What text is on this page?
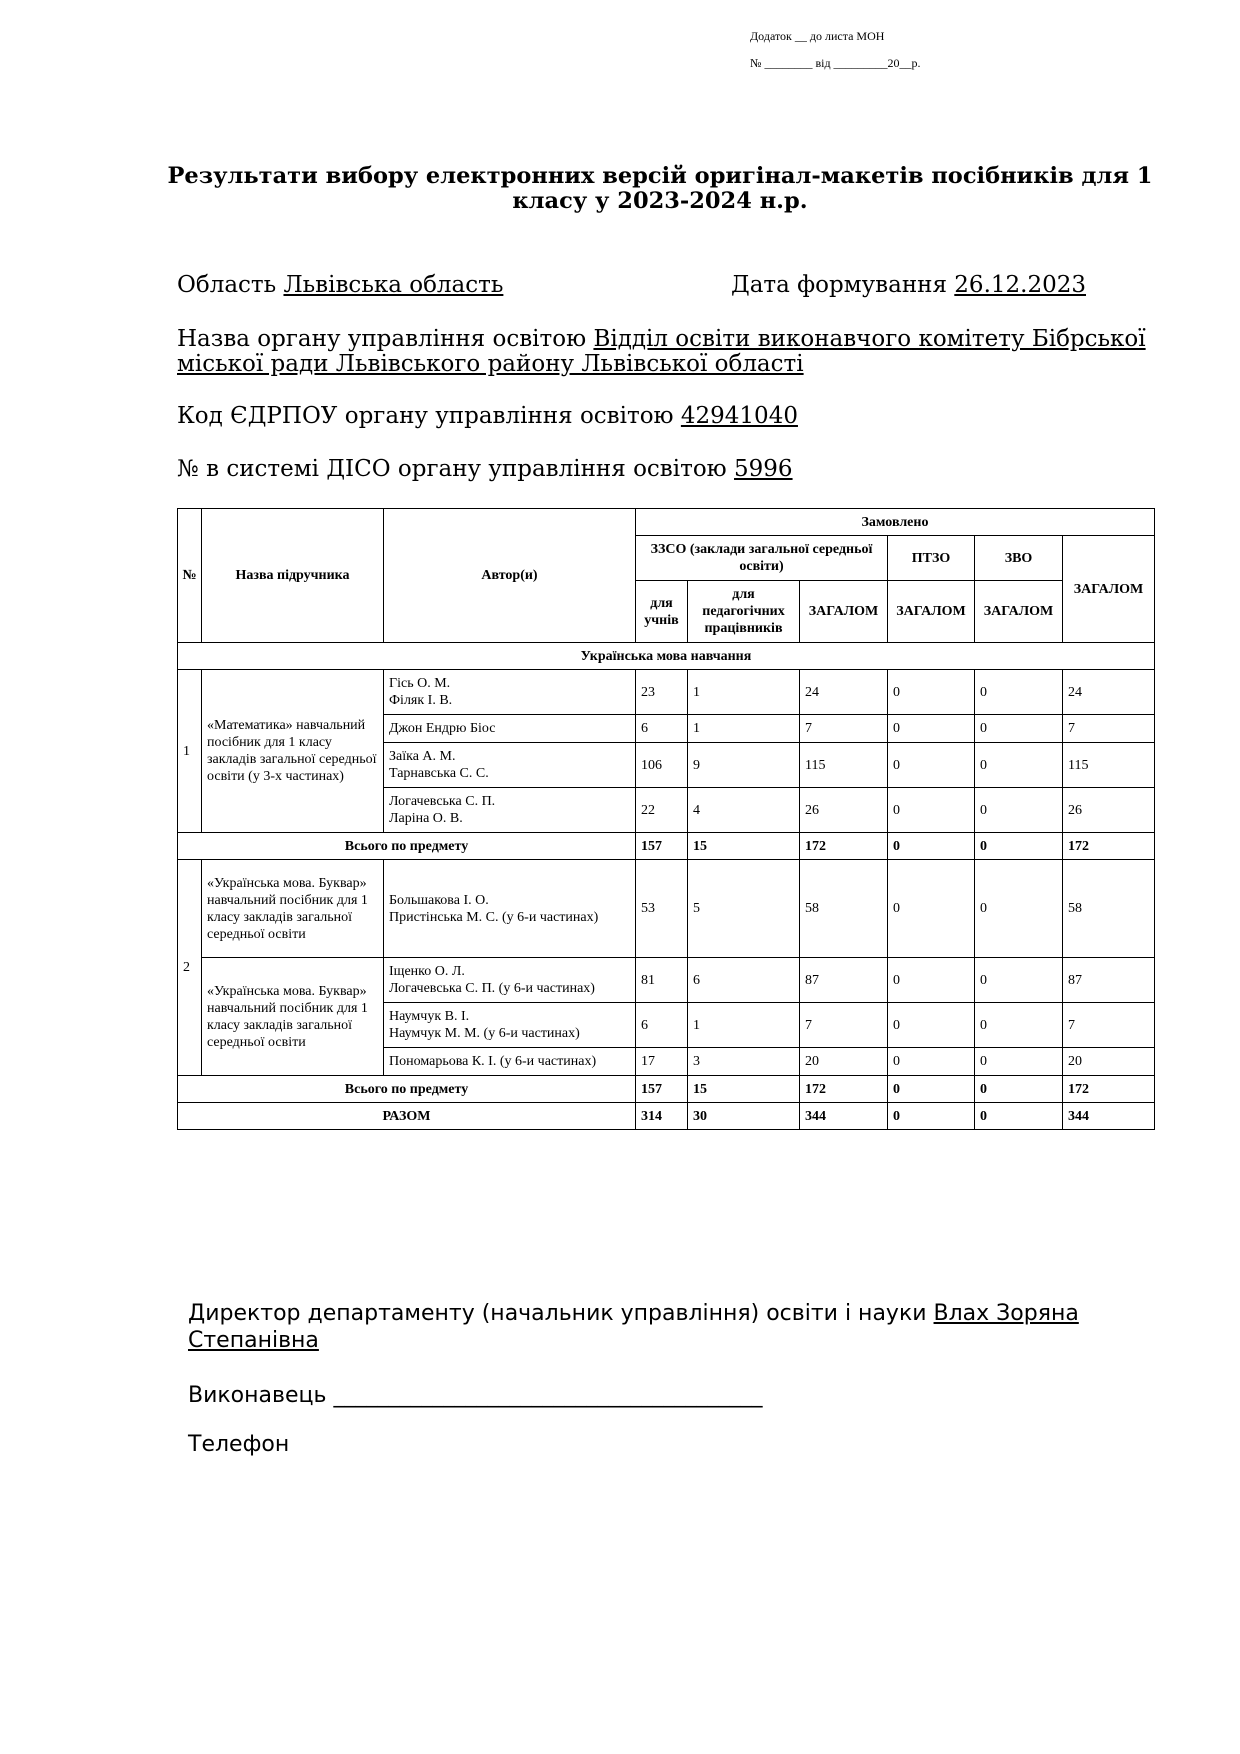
Додаток __ до листа МОН
№ ________ від _________20__р.
Результати вибору електронних версій оригінал-макетів посібників для 1 класу у 2023-2024 н.р.
Область Львівська область	Дата формування 26.12.2023
Назва органу управління освітою Відділ освіти виконавчого комітету Бібрської міської ради Львівського району Львівської області
Код ЄДРПОУ органу управління освітою 42941040
№ в системі ДІСО органу управління освітою 5996
№	Назва підручника	Автор(и)	Замовлено					
			ЗЗСО (заклади загальної середньої освіти)			ПТЗО	ЗВО	ЗАГАЛОМ
			для учнів	для педагогічних працівників	ЗАГАЛОМ	ЗАГАЛОМ	ЗАГАЛОМ	
Українська мова навчання								
1	«Математика» навчальний посібник для 1 класу закладів загальної середньої освіти (у 3-х частинах)	Гісь О. М.
Філяк І. В.	23	1	24	0	0	24
		Джон Ендрю Біос	6	1	7	0	0	7
		Заїка А. М.
Тарнавська С. С.	106	9	115	0	0	115
		Логачевська С. П.
Ларіна О. В.	22	4	26	0	0	26
Всього по предмету			157	15	172	0	0	172
2	«Українська мова. Буквар» навчальний посібник для 1 класу закладів загальної середньої освіти	Большакова І. О.
Пристінська М. С. (у 6-и частинах)	53	5	58	0	0	58
	«Українська мова. Буквар» навчальний посібник для 1 класу закладів загальної середньої освіти	Іщенко О. Л.
Логачевська С. П. (у 6-и частинах)	81	6	87	0	0	87
		Наумчук В. І.
Наумчук М. М. (у 6-и частинах)	6	1	7	0	0	7
		Пономарьова К. І. (у 6-и частинах)	17	3	20	0	0	20
Всього по предмету			157	15	172	0	0	172
РАЗОМ			314	30	344	0	0	344
Директор департаменту (начальник управління) освіти і науки Влах Зоряна Степанівна
Виконавець _______________________________________
Телефон
